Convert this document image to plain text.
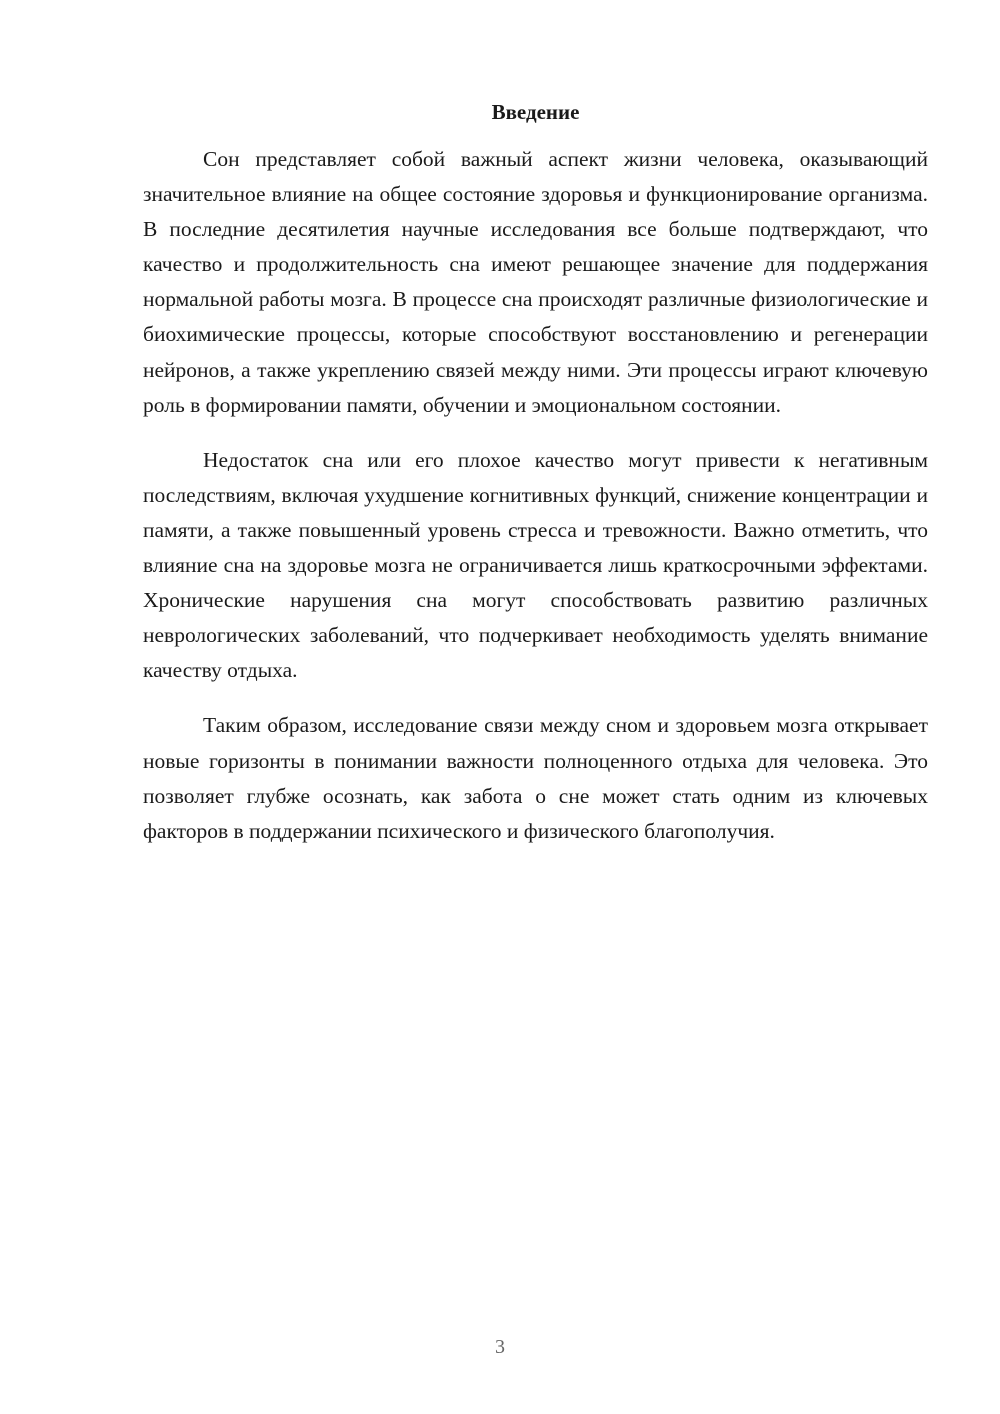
Введение

Сон представляет собой важный аспект жизни человека, оказывающий значительное влияние на общее состояние здоровья и функционирование организма. В последние десятилетия научные исследования все больше подтверждают, что качество и продолжительность сна имеют решающее значение для поддержания нормальной работы мозга. В процессе сна происходят различные физиологические и биохимические процессы, которые способствуют восстановлению и регенерации нейронов, а также укреплению связей между ними. Эти процессы играют ключевую роль в формировании памяти, обучении и эмоциональном состоянии.

Недостаток сна или его плохое качество могут привести к негативным последствиям, включая ухудшение когнитивных функций, снижение концентрации и памяти, а также повышенный уровень стресса и тревожности. Важно отметить, что влияние сна на здоровье мозга не ограничивается лишь краткосрочными эффектами. Хронические нарушения сна могут способствовать развитию различных неврологических заболеваний, что подчеркивает необходимость уделять внимание качеству отдыха.

Таким образом, исследование связи между сном и здоровьем мозга открывает новые горизонты в понимании важности полноценного отдыха для человека. Это позволяет глубже осознать, как забота о сне может стать одним из ключевых факторов в поддержании психического и физического благополучия.

3
